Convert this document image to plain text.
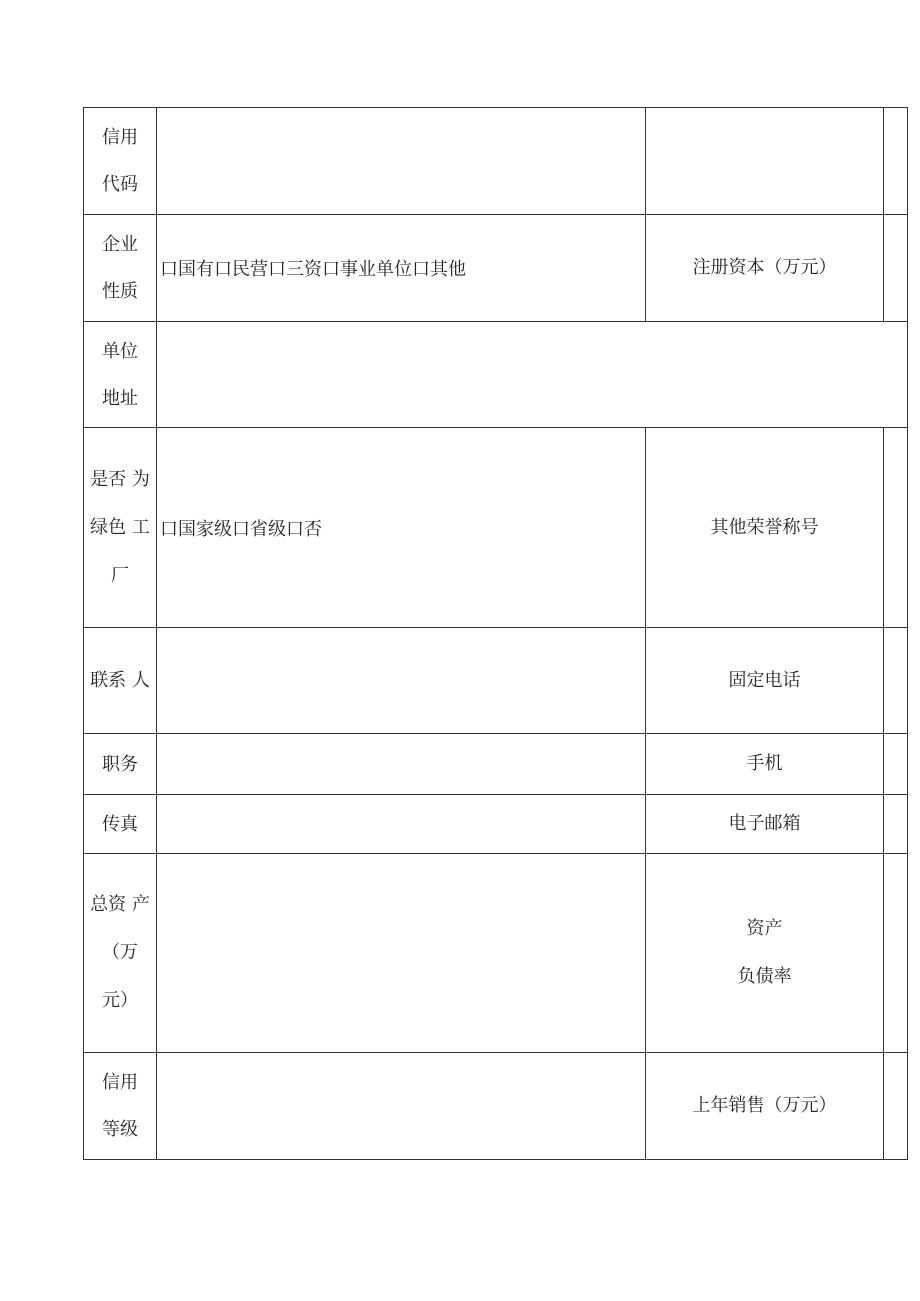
信用
代码			

企业
性质	口国有口民营口三资口事业单位口其他	注册资本（万元）	

单位
地址			

是否 为
绿色 工
厂	口国家级口省级口否	其他荣誉称号	

联系 人		固定电话	

职务		手机	

传真		电子邮箱	

总资 产
（万
元）		资产
负债率	

信用
等级		上年销售（万元）	
